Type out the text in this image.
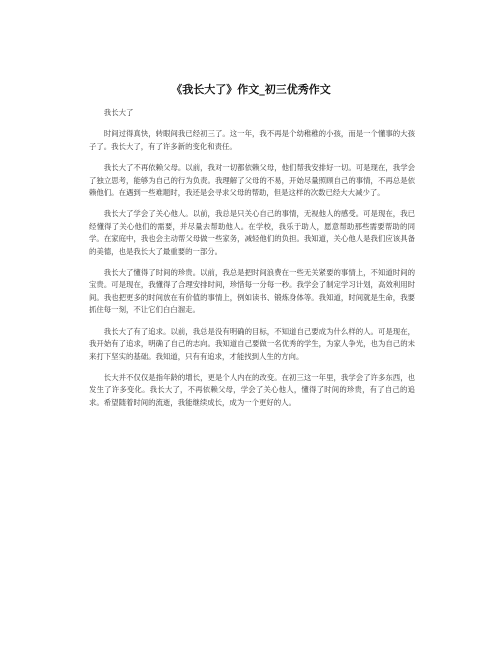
《我长大了》作文_初三优秀作文

我长大了

时间过得真快，转眼间我已经初三了。这一年，我不再是个幼稚稚的小孩，而是一个懂事的大孩子了。我长大了，有了许多新的变化和责任。

我长大了不再依赖父母。以前，我对一切都依赖父母，他们帮我安排好一切。可是现在，我学会了独立思考，能够为自己的行为负责。我理解了父母的不易，开始尽量照顾自己的事情，不再总是依赖他们。在遇到一些难题时，我还是会寻求父母的帮助，但是这样的次数已经大大减少了。

我长大了学会了关心他人。以前，我总是只关心自己的事情，无视他人的感受。可是现在，我已经懂得了关心他们的需要，并尽量去帮助他人。在学校，我乐于助人，愿意帮助那些需要帮助的同学。在家庭中，我也会主动帮父母做一些家务，减轻他们的负担。我知道，关心他人是我们应该具备的美德，也是我长大了最重要的一部分。

我长大了懂得了时间的珍贵。以前，我总是把时间浪费在一些无关紧要的事情上，不知道时间的宝贵。可是现在，我懂得了合理安排时间，珍惜每一分每一秒。我学会了制定学习计划，高效利用时间。我也把更多的时间放在有价值的事情上，例如读书、锻炼身体等。我知道，时间就是生命，我要抓住每一刻，不让它们白白溜走。

我长大了有了追求。以前，我总是没有明确的目标，不知道自己要成为什么样的人。可是现在，我开始有了追求，明确了自己的志向。我知道自己要做一名优秀的学生，为家人争光，也为自己的未来打下坚实的基础。我知道，只有有追求，才能找到人生的方向。

长大并不仅仅是指年龄的增长，更是个人内在的改变。在初三这一年里，我学会了许多东西，也发生了许多变化。我长大了，不再依赖父母，学会了关心他人，懂得了时间的珍贵，有了自己的追求。希望随着时间的流逝，我能继续成长，成为一个更好的人。
